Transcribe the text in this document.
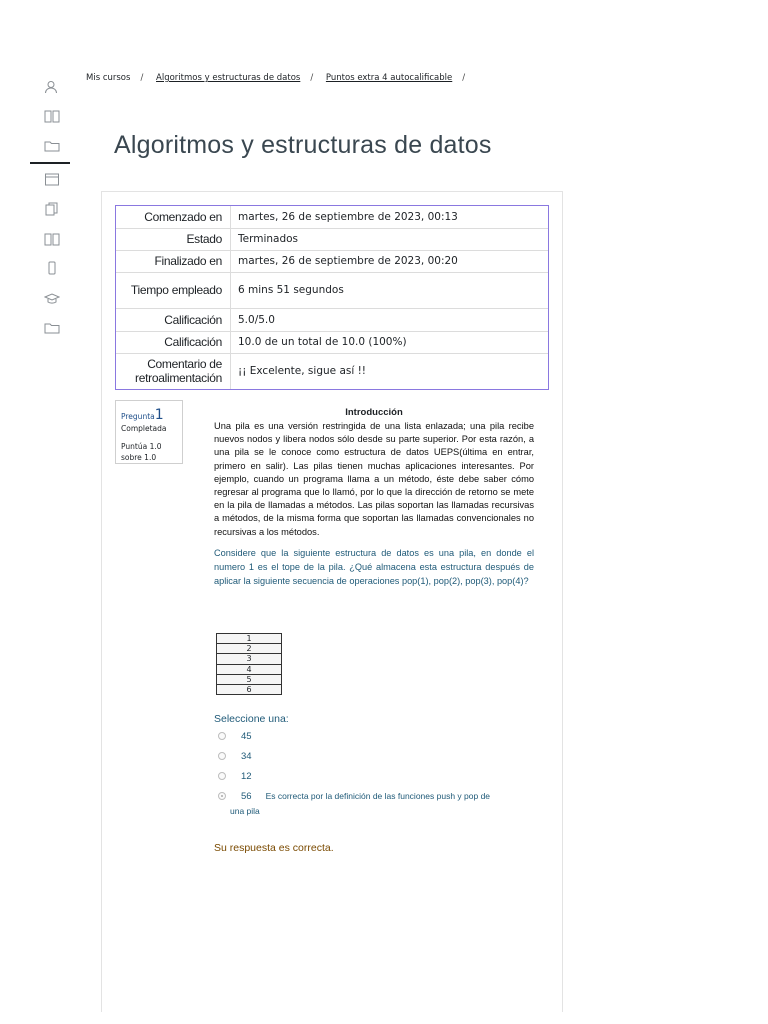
Mis cursos / Algoritmos y estructuras de datos / Puntos extra 4 autocalificable /
Algoritmos y estructuras de datos
Comenzado en	martes, 26 de septiembre de 2023, 00:13
Estado	Terminados
Finalizado en	martes, 26 de septiembre de 2023, 00:20
Tiempo empleado	6 mins 51 segundos
Calificación	5.0/5.0
Calificación	10.0 de un total de 10.0 (100%)
Comentario de retroalimentación	¡¡ Excelente, sigue así !!
Pregunta1
Completada
Puntúa 1.0 sobre 1.0
Introducción
Una pila es una versión restringida de una lista enlazada; una pila recibe nuevos nodos y libera nodos sólo desde su parte superior. Por esta razón, a una pila se le conoce como estructura de datos UEPS(última en entrar, primero en salir). Las pilas tienen muchas aplicaciones interesantes. Por ejemplo, cuando un programa llama a un método, éste debe saber cómo regresar al programa que lo llamó, por lo que la dirección de retorno se mete en la pila de llamadas a métodos. Las pilas soportan las llamadas recursivas a métodos, de la misma forma que soportan las llamadas convencionales no recursivas a los métodos.
Considere que la siguiente estructura de datos es una pila, en donde el numero 1 es el tope de la pila. ¿Qué almacena esta estructura después de aplicar la siguiente secuencia de operaciones pop(1), pop(2), pop(3), pop(4)?
1
2
3
4
5
6
Seleccione una:
45
34
12
56 Es correcta por la definición de las funciones push y pop de
una pila
Su respuesta es correcta.
